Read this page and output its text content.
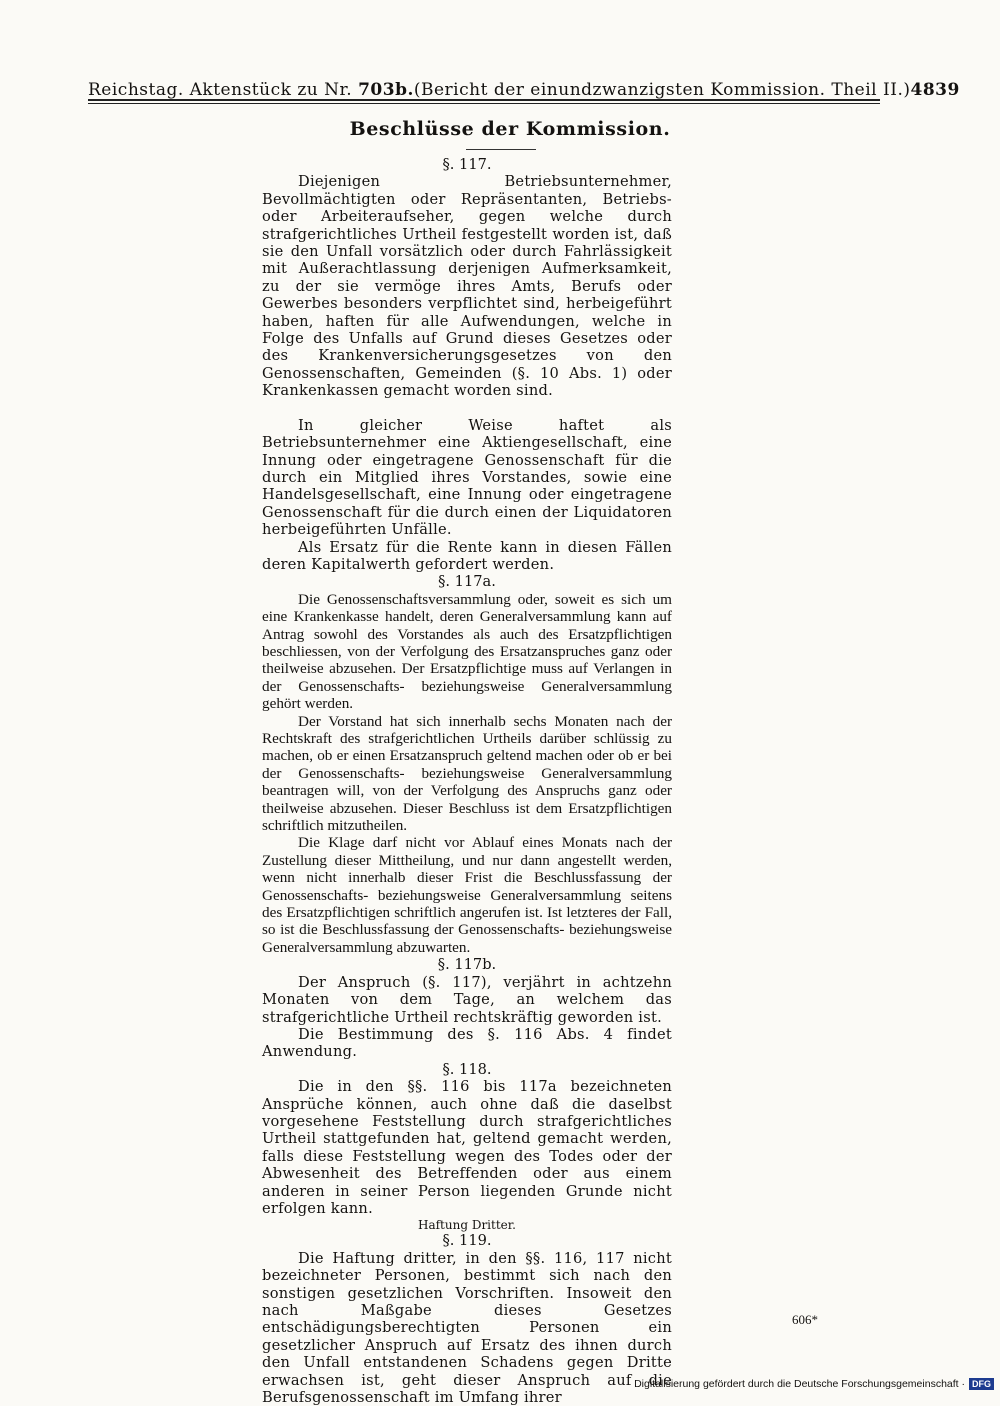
Reichstag. Aktenstück zu Nr. 703b. (Bericht der einundzwanzigsten Kommission. Theil II.) 4839
Beschlüsse der Kommission.

§. 117.

Diejenigen Betriebsunternehmer, Bevollmächtigten oder Repräsentanten, Betriebs- oder Arbeiteraufseher, gegen welche durch strafgerichtliches Urtheil festgestellt worden ist, daß sie den Unfall vorsätzlich oder durch Fahrlässigkeit mit Außerachtlassung derjenigen Aufmerksamkeit, zu der sie vermöge ihres Amts, Berufs oder Gewerbes besonders verpflichtet sind, herbeigeführt haben, haften für alle Aufwendungen, welche in Folge des Unfalls auf Grund dieses Gesetzes oder des Krankenversicherungsgesetzes von den Genossenschaften, Gemeinden (§. 10 Abs. 1) oder Krankenkassen gemacht worden sind.

In gleicher Weise haftet als Betriebsunternehmer eine Aktiengesellschaft, eine Innung oder eingetragene Genossenschaft für die durch ein Mitglied ihres Vorstandes, sowie eine Handelsgesellschaft, eine Innung oder eingetragene Genossenschaft für die durch einen der Liquidatoren herbeigeführten Unfälle.

Als Ersatz für die Rente kann in diesen Fällen deren Kapitalwerth gefordert werden.

§. 117a.

Die Genossenschaftsversammlung oder, soweit es sich um eine Krankenkasse handelt, deren Generalversammlung kann auf Antrag sowohl des Vorstandes als auch des Ersatzpflichtigen beschliessen, von der Verfolgung des Ersatzanspruches ganz oder theilweise abzusehen. Der Ersatzpflichtige muss auf Verlangen in der Genossenschafts- beziehungsweise Generalversammlung gehört werden.

Der Vorstand hat sich innerhalb sechs Monaten nach der Rechtskraft des strafgerichtlichen Urtheils darüber schlüssig zu machen, ob er einen Ersatzanspruch geltend machen oder ob er bei der Genossenschafts- beziehungsweise Generalversammlung beantragen will, von der Verfolgung des Anspruchs ganz oder theilweise abzusehen. Dieser Beschluss ist dem Ersatzpflichtigen schriftlich mitzutheilen.

Die Klage darf nicht vor Ablauf eines Monats nach der Zustellung dieser Mittheilung, und nur dann angestellt werden, wenn nicht innerhalb dieser Frist die Beschlussfassung der Genossenschafts- beziehungsweise Generalversammlung seitens des Ersatzpflichtigen schriftlich angerufen ist. Ist letzteres der Fall, so ist die Beschlussfassung der Genossenschafts- beziehungsweise Generalversammlung abzuwarten.

§. 117b.

Der Anspruch (§. 117), verjährt in achtzehn Monaten von dem Tage, an welchem das strafgerichtliche Urtheil rechtskräftig geworden ist.

Die Bestimmung des §. 116 Abs. 4 findet Anwendung.

§. 118.

Die in den §§. 116 bis 117a bezeichneten Ansprüche können, auch ohne daß die daselbst vorgesehene Feststellung durch strafgerichtliches Urtheil stattgefunden hat, geltend gemacht werden, falls diese Feststellung wegen des Todes oder der Abwesenheit des Betreffenden oder aus einem anderen in seiner Person liegenden Grunde nicht erfolgen kann.

Haftung Dritter.

§. 119.

Die Haftung dritter, in den §§. 116, 117 nicht bezeichneter Personen, bestimmt sich nach den sonstigen gesetzlichen Vorschriften. Insoweit den nach Maßgabe dieses Gesetzes entschädigungsberechtigten Personen ein gesetzlicher Anspruch auf Ersatz des ihnen durch den Unfall entstandenen Schadens gegen Dritte erwachsen ist, geht dieser Anspruch auf die Berufsgenossenschaft im Umfang ihrer

606*
Digitalisierung gefördert durch die Deutsche Forschungsgemeinschaft · DFG
